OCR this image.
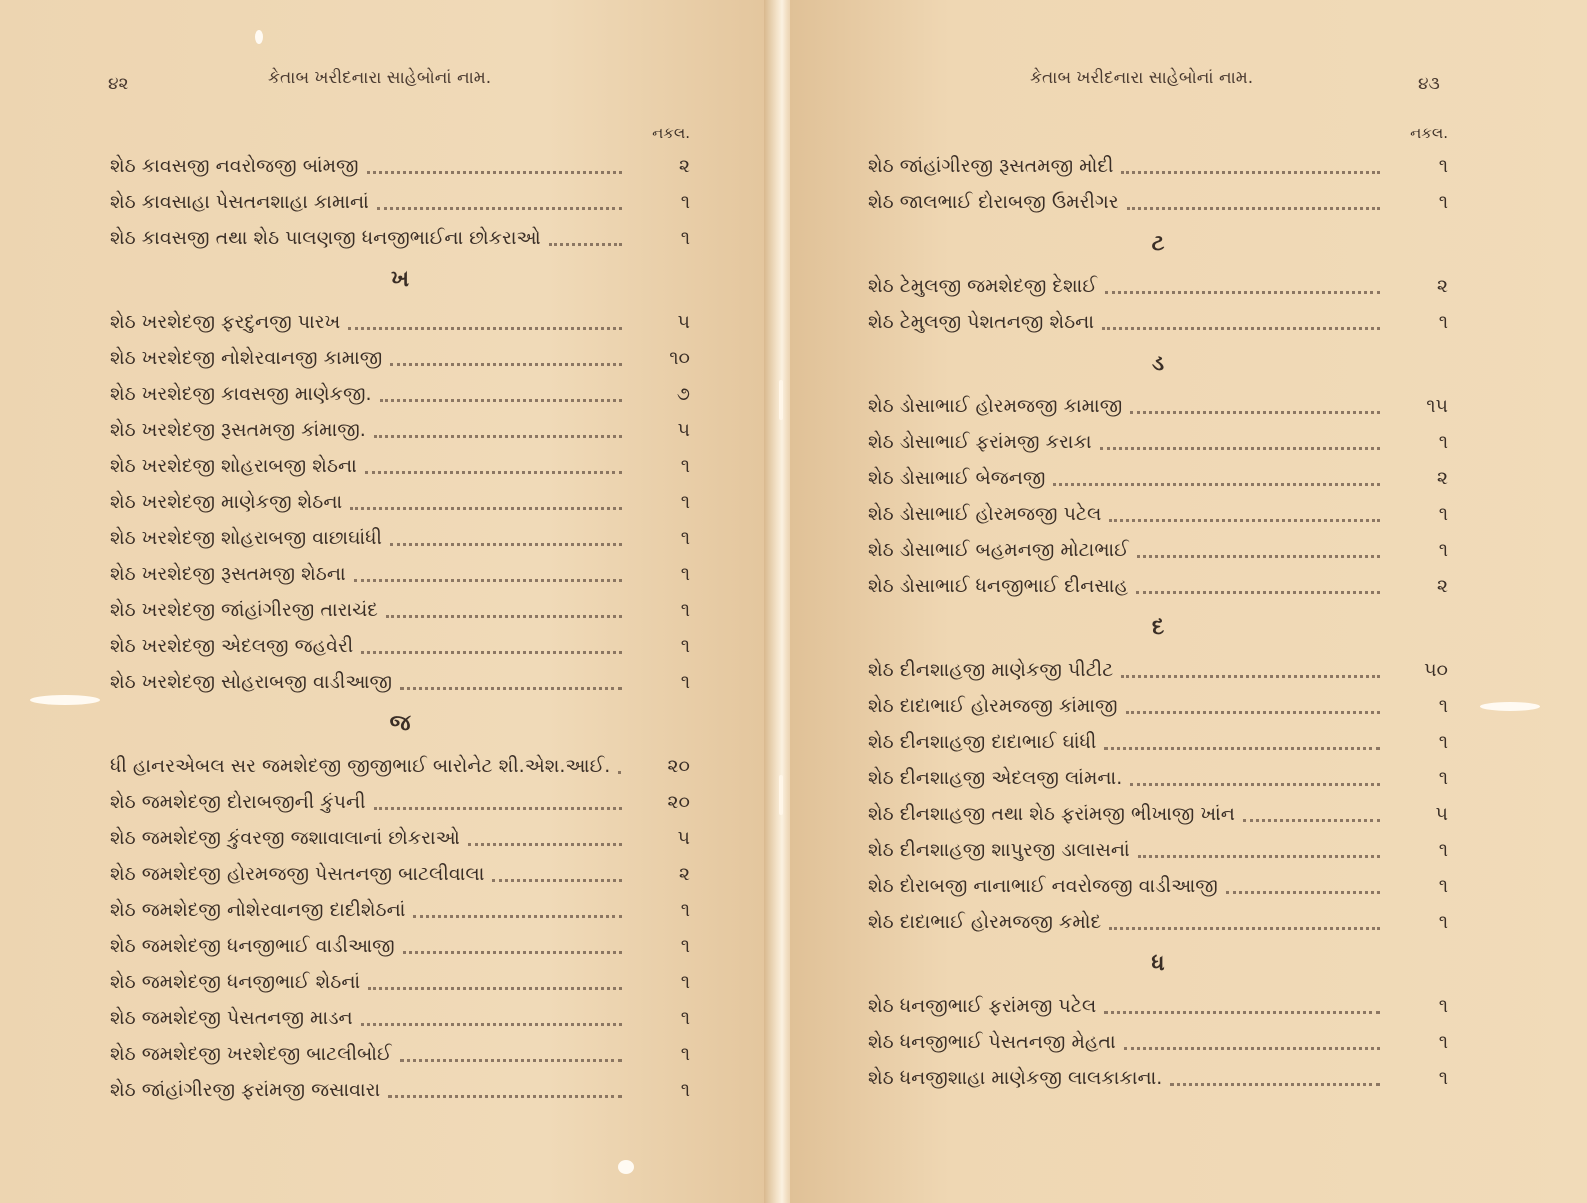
૪૨	કેતાબ ખરીદનારા સાહેબોનાં નામ.
નકલ.
શેઠ કાવસજી નવરોજજી બાંમજી	૨
શેઠ કાવસાહા પેસતનશાહા કામાનાં	૧
શેઠ કાવસજી તથા શેઠ પાલણજી ધનજીભાઈના છોકરાઓ	૧
ખ
શેઠ ખરશેદજી ફરદુનજી પારખ	૫
શેઠ ખરશેદજી નોશેરવાનજી કામાજી	૧૦
શેઠ ખરશેદજી કાવસજી માણેકજી.	૭
શેઠ ખરશેદજી રૂસતમજી કાંમાજી.	૫
શેઠ ખરશેદજી શોહરાબજી શેઠના	૧
શેઠ ખરશેદજી માણેકજી શેઠના	૧
શેઠ ખરશેદજી શોહરાબજી વાછાઘાંધી	૧
શેઠ ખરશેદજી રૂસતમજી શેઠના	૧
શેઠ ખરશેદજી જાંહાંગીરજી તારાચંદ	૧
શેઠ ખરશેદજી એદલજી જહવેરી	૧
શેઠ ખરશેદજી સોહરાબજી વાડીઆજી	૧
જ
ધી હાનરએબલ સર જમશેદજી જીજીભાઈ બારોનેટ શી.એશ.આઈ.	૨૦
શેઠ જમશેદજી દોરાબજીની કુંપની	૨૦
શેઠ જમશેદજી કુંવરજી જશાવાલાનાં છોકરાઓ	૫
શેઠ જમશેદજી હોરમજજી પેસતનજી બાટલીવાલા	૨
શેઠ જમશેદજી નોશેરવાનજી દાદીશેઠનાં	૧
શેઠ જમશેદજી ધનજીભાઈ વાડીઆજી	૧
શેઠ જમશેદજી ધનજીભાઈ શેઠનાં	૧
શેઠ જમશેદજી પેસતનજી માડન	૧
શેઠ જમશેદજી ખરશેદજી બાટલીબોઈ	૧
શેઠ જાંહાંગીરજી ફરાંમજી જસાવારા	૧
કેતાબ ખરીદનારા સાહેબોનાં નામ.	૪૩
નકલ.
શેઠ જાંહાંગીરજી રૂસતમજી મોદી	૧
શેઠ જાલભાઈ દોરાબજી ઉમરીગર	૧
ટ
શેઠ ટેમુલજી જમશેદજી દેશાઈ	૨
શેઠ ટેમુલજી પેશતનજી શેઠના	૧
ડ
શેઠ ડોસાભાઈ હોરમજજી કામાજી	૧૫
શેઠ ડોસાભાઈ ફરાંમજી કરાકા	૧
શેઠ ડોસાભાઈ બેજનજી	૨
શેઠ ડોસાભાઈ હોરમજજી પટેલ	૧
શેઠ ડોસાભાઈ બહમનજી મોટાભાઈ	૧
શેઠ ડોસાભાઈ ધનજીભાઈ દીનસાહ	૨
દ
શેઠ દીનશાહજી માણેકજી પીટીટ	૫૦
શેઠ દાદાભાઈ હોરમજજી કાંમાજી	૧
શેઠ દીનશાહજી દાદાભાઈ ઘાંધી	૧
શેઠ દીનશાહજી એદલજી લાંમના.	૧
શેઠ દીનશાહજી તથા શેઠ ફરાંમજી ભીખાજી ખાંન	૫
શેઠ દીનશાહજી શાપુરજી ડાલાસનાં	૧
શેઠ દોરાબજી નાનાભાઈ નવરોજજી વાડીઆજી	૧
શેઠ દાદાભાઈ હોરમજજી કમોદ	૧
ધ
શેઠ ધનજીભાઈ ફરાંમજી પટેલ	૧
શેઠ ધનજીભાઈ પેસતનજી મેહતા	૧
શેઠ ધનજીશાહા માણેકજી લાલકાકાના.	૧
